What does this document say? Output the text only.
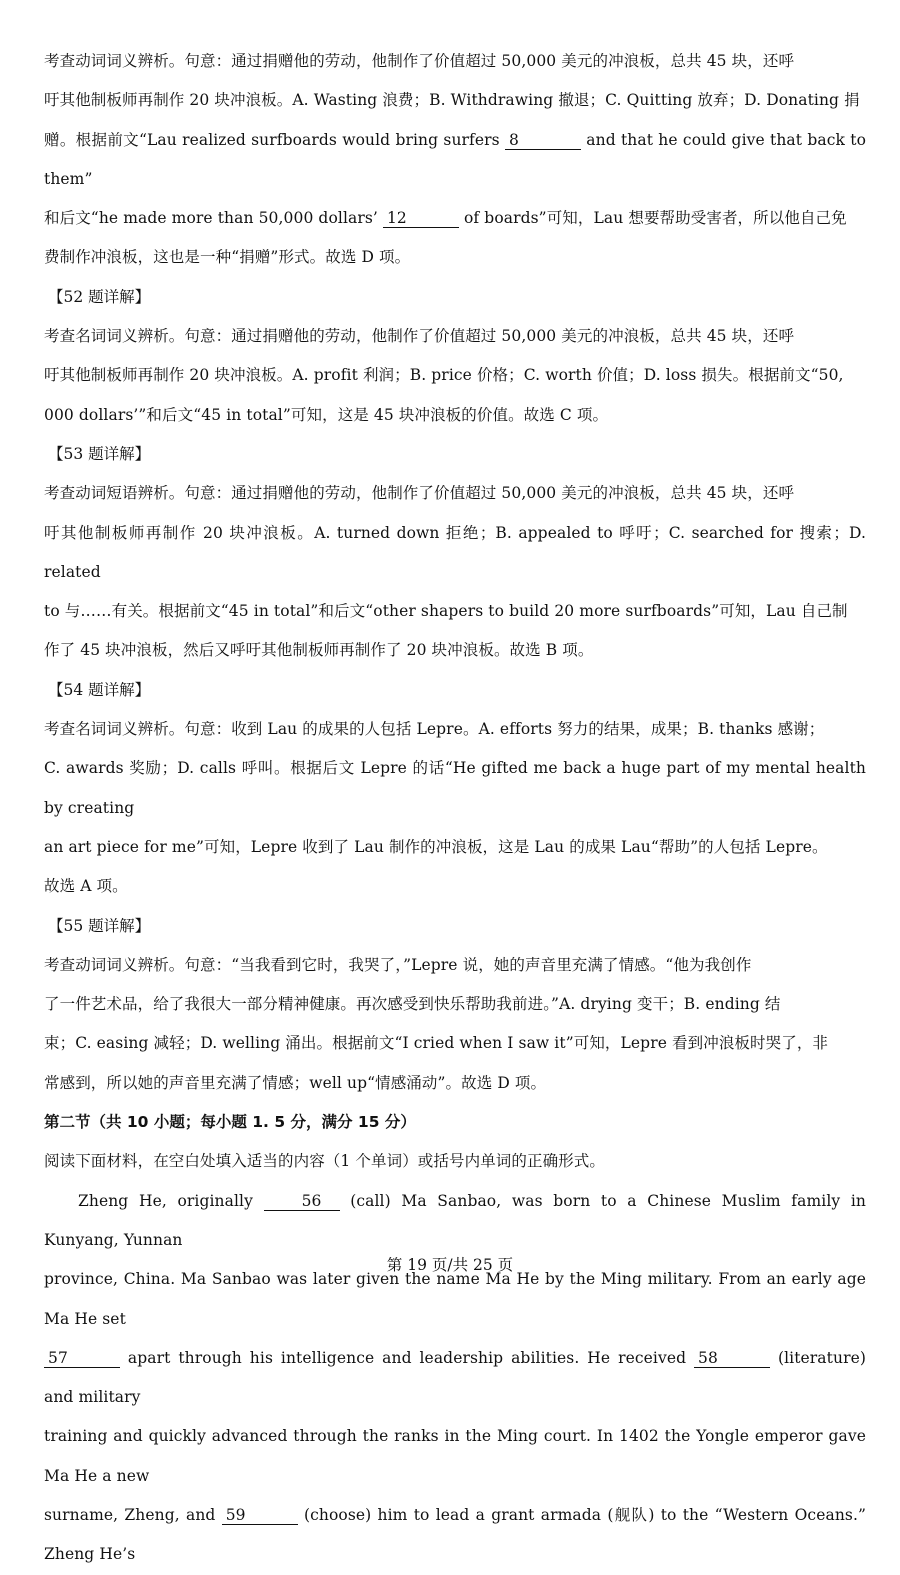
考查动词词义辨析。句意：通过捐赠他的劳动，他制作了价值超过 50,000 美元的冲浪板，总共 45 块，还呼

吁其他制板师再制作 20 块冲浪板。A. Wasting 浪费；B. Withdrawing 撤退；C. Quitting 放弃；D. Donating 捐

赠。根据前文“Lau realized surfboards would bring surfers 8	and that he could give that back to them”

和后文“he made more than 50,000 dollars’ 12	of boards”可知，Lau 想要帮助受害者，所以他自己免

费制作冲浪板，这也是一种“捐赠”形式。故选 D 项。

【52 题详解】

考查名词词义辨析。句意：通过捐赠他的劳动，他制作了价值超过 50,000 美元的冲浪板，总共 45 块，还呼

吁其他制板师再制作 20 块冲浪板。A. profit 利润；B. price 价格；C. worth 价值；D. loss 损失。根据前文“50,

000 dollars’”和后文“45 in total”可知，这是 45 块冲浪板的价值。故选 C 项。

【53 题详解】

考查动词短语辨析。句意：通过捐赠他的劳动，他制作了价值超过 50,000 美元的冲浪板，总共 45 块，还呼

吁其他制板师再制作 20 块冲浪板。A. turned down 拒绝；B. appealed to 呼吁；C. searched for 搜索；D. related

to 与……有关。根据前文“45 in total”和后文“other shapers to build 20 more surfboards”可知，Lau 自己制

作了 45 块冲浪板，然后又呼吁其他制板师再制作了 20 块冲浪板。故选 B 项。

【54 题详解】

考查名词词义辨析。句意：收到 Lau 的成果的人包括 Lepre。A. efforts 努力的结果，成果；B. thanks 感谢；

C. awards 奖励；D. calls 呼叫。根据后文 Lepre 的话“He gifted me back a huge part of my mental health by creating

an art piece for me”可知，Lepre 收到了 Lau 制作的冲浪板，这是 Lau 的成果 Lau“帮助”的人包括 Lepre。

故选 A 项。

【55 题详解】

考查动词词义辨析。句意：“当我看到它时，我哭了，”Lepre 说，她的声音里充满了情感。“他为我创作

了一件艺术品，给了我很大一部分精神健康。再次感受到快乐帮助我前进。”A. drying 变干；B. ending 结

束；C. easing 减轻；D. welling 涌出。根据前文“I cried when I saw it”可知，Lepre 看到冲浪板时哭了，非

常感到，所以她的声音里充满了情感；well up“情感涌动”。故选 D 项。

第二节（共 10 小题；每小题 1. 5 分，满分 15 分）

阅读下面材料，在空白处填入适当的内容（1 个单词）或括号内单词的正确形式。

Zheng He, originally	56 (call) Ma Sanbao, was born to a Chinese Muslim family in Kunyang, Yunnan

province, China. Ma Sanbao was later given the name Ma He by the Ming military. From an early age Ma He set

57	apart through his intelligence and leadership abilities. He received 58	(literature) and military

training and quickly advanced through the ranks in the Ming court. In 1402 the Yongle emperor gave Ma He a new

surname, Zheng, and 59	(choose) him to lead a grant armada (舰队) to the “Western Oceans.” Zheng He’s

第 19 页/共 25 页
